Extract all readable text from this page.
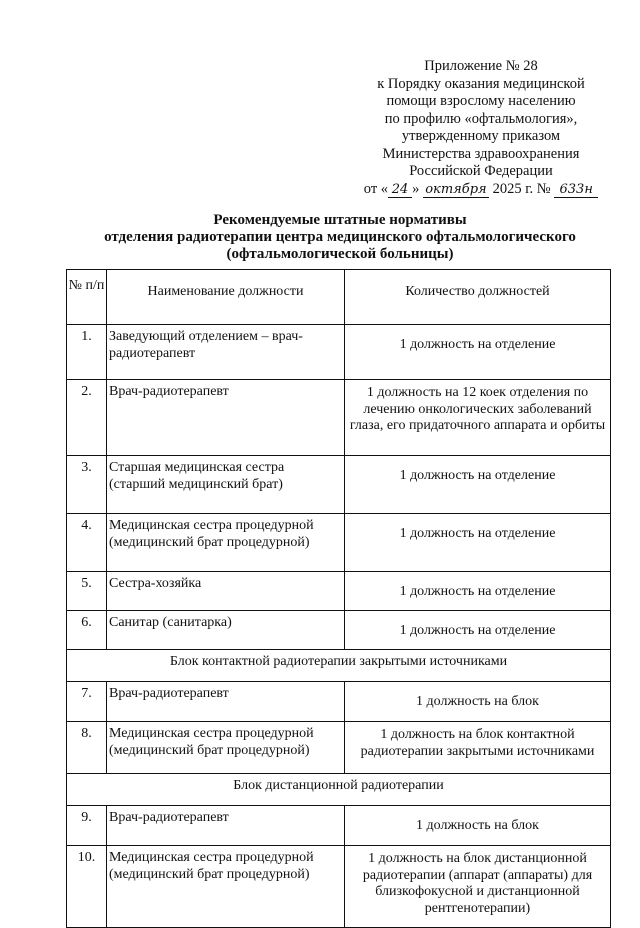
Приложение № 28
к Порядку оказания медицинской
помощи взрослому населению
по профилю «офтальмология»,
утвержденному приказом
Министерства здравоохранения
Российской Федерации
от « 24 » октября 2025 г. № 633н
Рекомендуемые штатные нормативы
отделения радиотерапии центра медицинского офтальмологического
(офтальмологической больницы)
№ п/п	Наименование должности	Количество должностей
1.	Заведующий отделением – врач-радиотерапевт	1 должность на отделение
2.	Врач-радиотерапевт	1 должность на 12 коек отделения по лечению онкологических заболеваний глаза, его придаточного аппарата и орбиты
3.	Старшая медицинская сестра (старший медицинский брат)	1 должность на отделение
4.	Медицинская сестра процедурной (медицинский брат процедурной)	1 должность на отделение
5.	Сестра-хозяйка	1 должность на отделение
6.	Санитар (санитарка)	1 должность на отделение
Блок контактной радиотерапии закрытыми источниками		
7.	Врач-радиотерапевт	1 должность на блок
8.	Медицинская сестра процедурной (медицинский брат процедурной)	1 должность на блок контактной радиотерапии закрытыми источниками
Блок дистанционной радиотерапии		
9.	Врач-радиотерапевт	1 должность на блок
10.	Медицинская сестра процедурной (медицинский брат процедурной)	1 должность на блок дистанционной радиотерапии (аппарат (аппараты) для близкофокусной и дистанционной рентгенотерапии)
